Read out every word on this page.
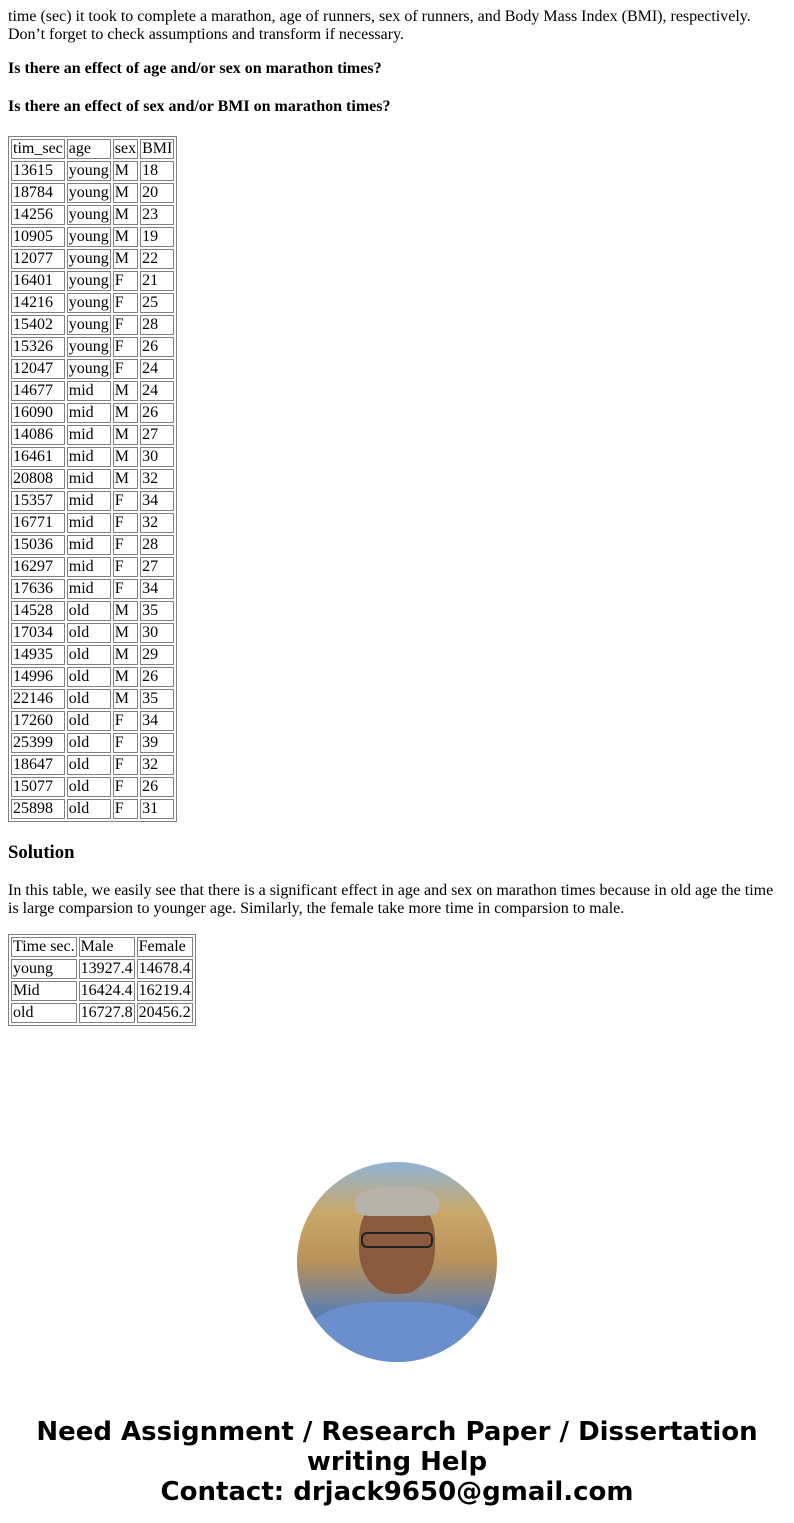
time (sec) it took to complete a marathon, age of runners, sex of runners, and Body Mass Index (BMI), respectively. Don’t forget to check assumptions and transform if necessary.

Is there an effect of age and/or sex on marathon times?
Is there an effect of sex and/or BMI on marathon times?
tim_sec	age	sex	BMI
13615	young	M	18
18784	young	M	20
14256	young	M	23
10905	young	M	19
12077	young	M	22
16401	young	F	21
14216	young	F	25
15402	young	F	28
15326	young	F	26
12047	young	F	24
14677	mid	M	24
16090	mid	M	26
14086	mid	M	27
16461	mid	M	30
20808	mid	M	32
15357	mid	F	34
16771	mid	F	32
15036	mid	F	28
16297	mid	F	27
17636	mid	F	34
14528	old	M	35
17034	old	M	30
14935	old	M	29
14996	old	M	26
22146	old	M	35
17260	old	F	34
25399	old	F	39
18647	old	F	32
15077	old	F	26
25898	old	F	31
Solution

In this table, we easily see that there is a significant effect in age and sex on marathon times because in old age the time is large comparsion to younger age. Similarly, the female take more time in comparsion to male.

Time sec.	Male	Female
young	13927.4	14678.4
Mid	16424.4	16219.4
old	16727.8	20456.2
Need Assignment / Research Paper / Dissertation writing Help
Contact: drjack9650@gmail.com
